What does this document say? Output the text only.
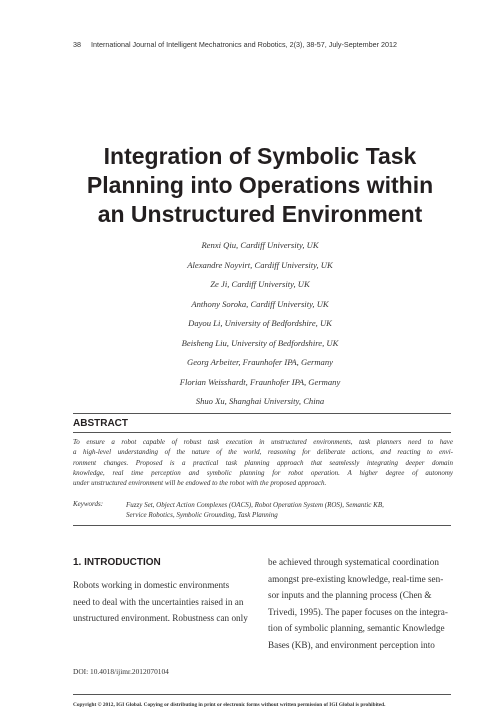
38 International Journal of Intelligent Mechatronics and Robotics, 2(3), 38-57, July-September 2012
Integration of Symbolic Task
Planning into Operations within
an Unstructured Environment
Renxi Qiu, Cardiff University, UK
Alexandre Noyvirt, Cardiff University, UK
Ze Ji, Cardiff University, UK
Anthony Soroka, Cardiff University, UK
Dayou Li, University of Bedfordshire, UK
Beisheng Liu, University of Bedfordshire, UK
Georg Arbeiter, Fraunhofer IPA, Germany
Florian Weisshardt, Fraunhofer IPA, Germany
Shuo Xu, Shanghai University, China
ABSTRACT
To ensure a robot capable of robust task execution in unstructured environments, task planners need to have
a high-level understanding of the nature of the world, reasoning for deliberate actions, and reacting to envi-
ronment changes. Proposed is a practical task planning approach that seamlessly integrating deeper domain
knowledge, real time perception and symbolic planning for robot operation. A higher degree of autonomy
under unstructured environment will be endowed to the robot with the proposed approach.
Keywords:	Fuzzy Set, Object Action Complexes (OACS), Robot Operation System (ROS), Semantic KB,
Service Robotics, Symbolic Grounding, Task Planning
1. INTRODUCTION
Robots working in domestic environments
need to deal with the uncertainties raised in an
unstructured environment. Robustness can only
be achieved through systematical coordination
amongst pre-existing knowledge, real-time sen-
sor inputs and the planning process (Chen &
Trivedi, 1995). The paper focuses on the integra-
tion of symbolic planning, semantic Knowledge
Bases (KB), and environment perception into
DOI: 10.4018/ijimr.2012070104
Copyright © 2012, IGI Global. Copying or distributing in print or electronic forms without written permission of IGI Global is prohibited.
